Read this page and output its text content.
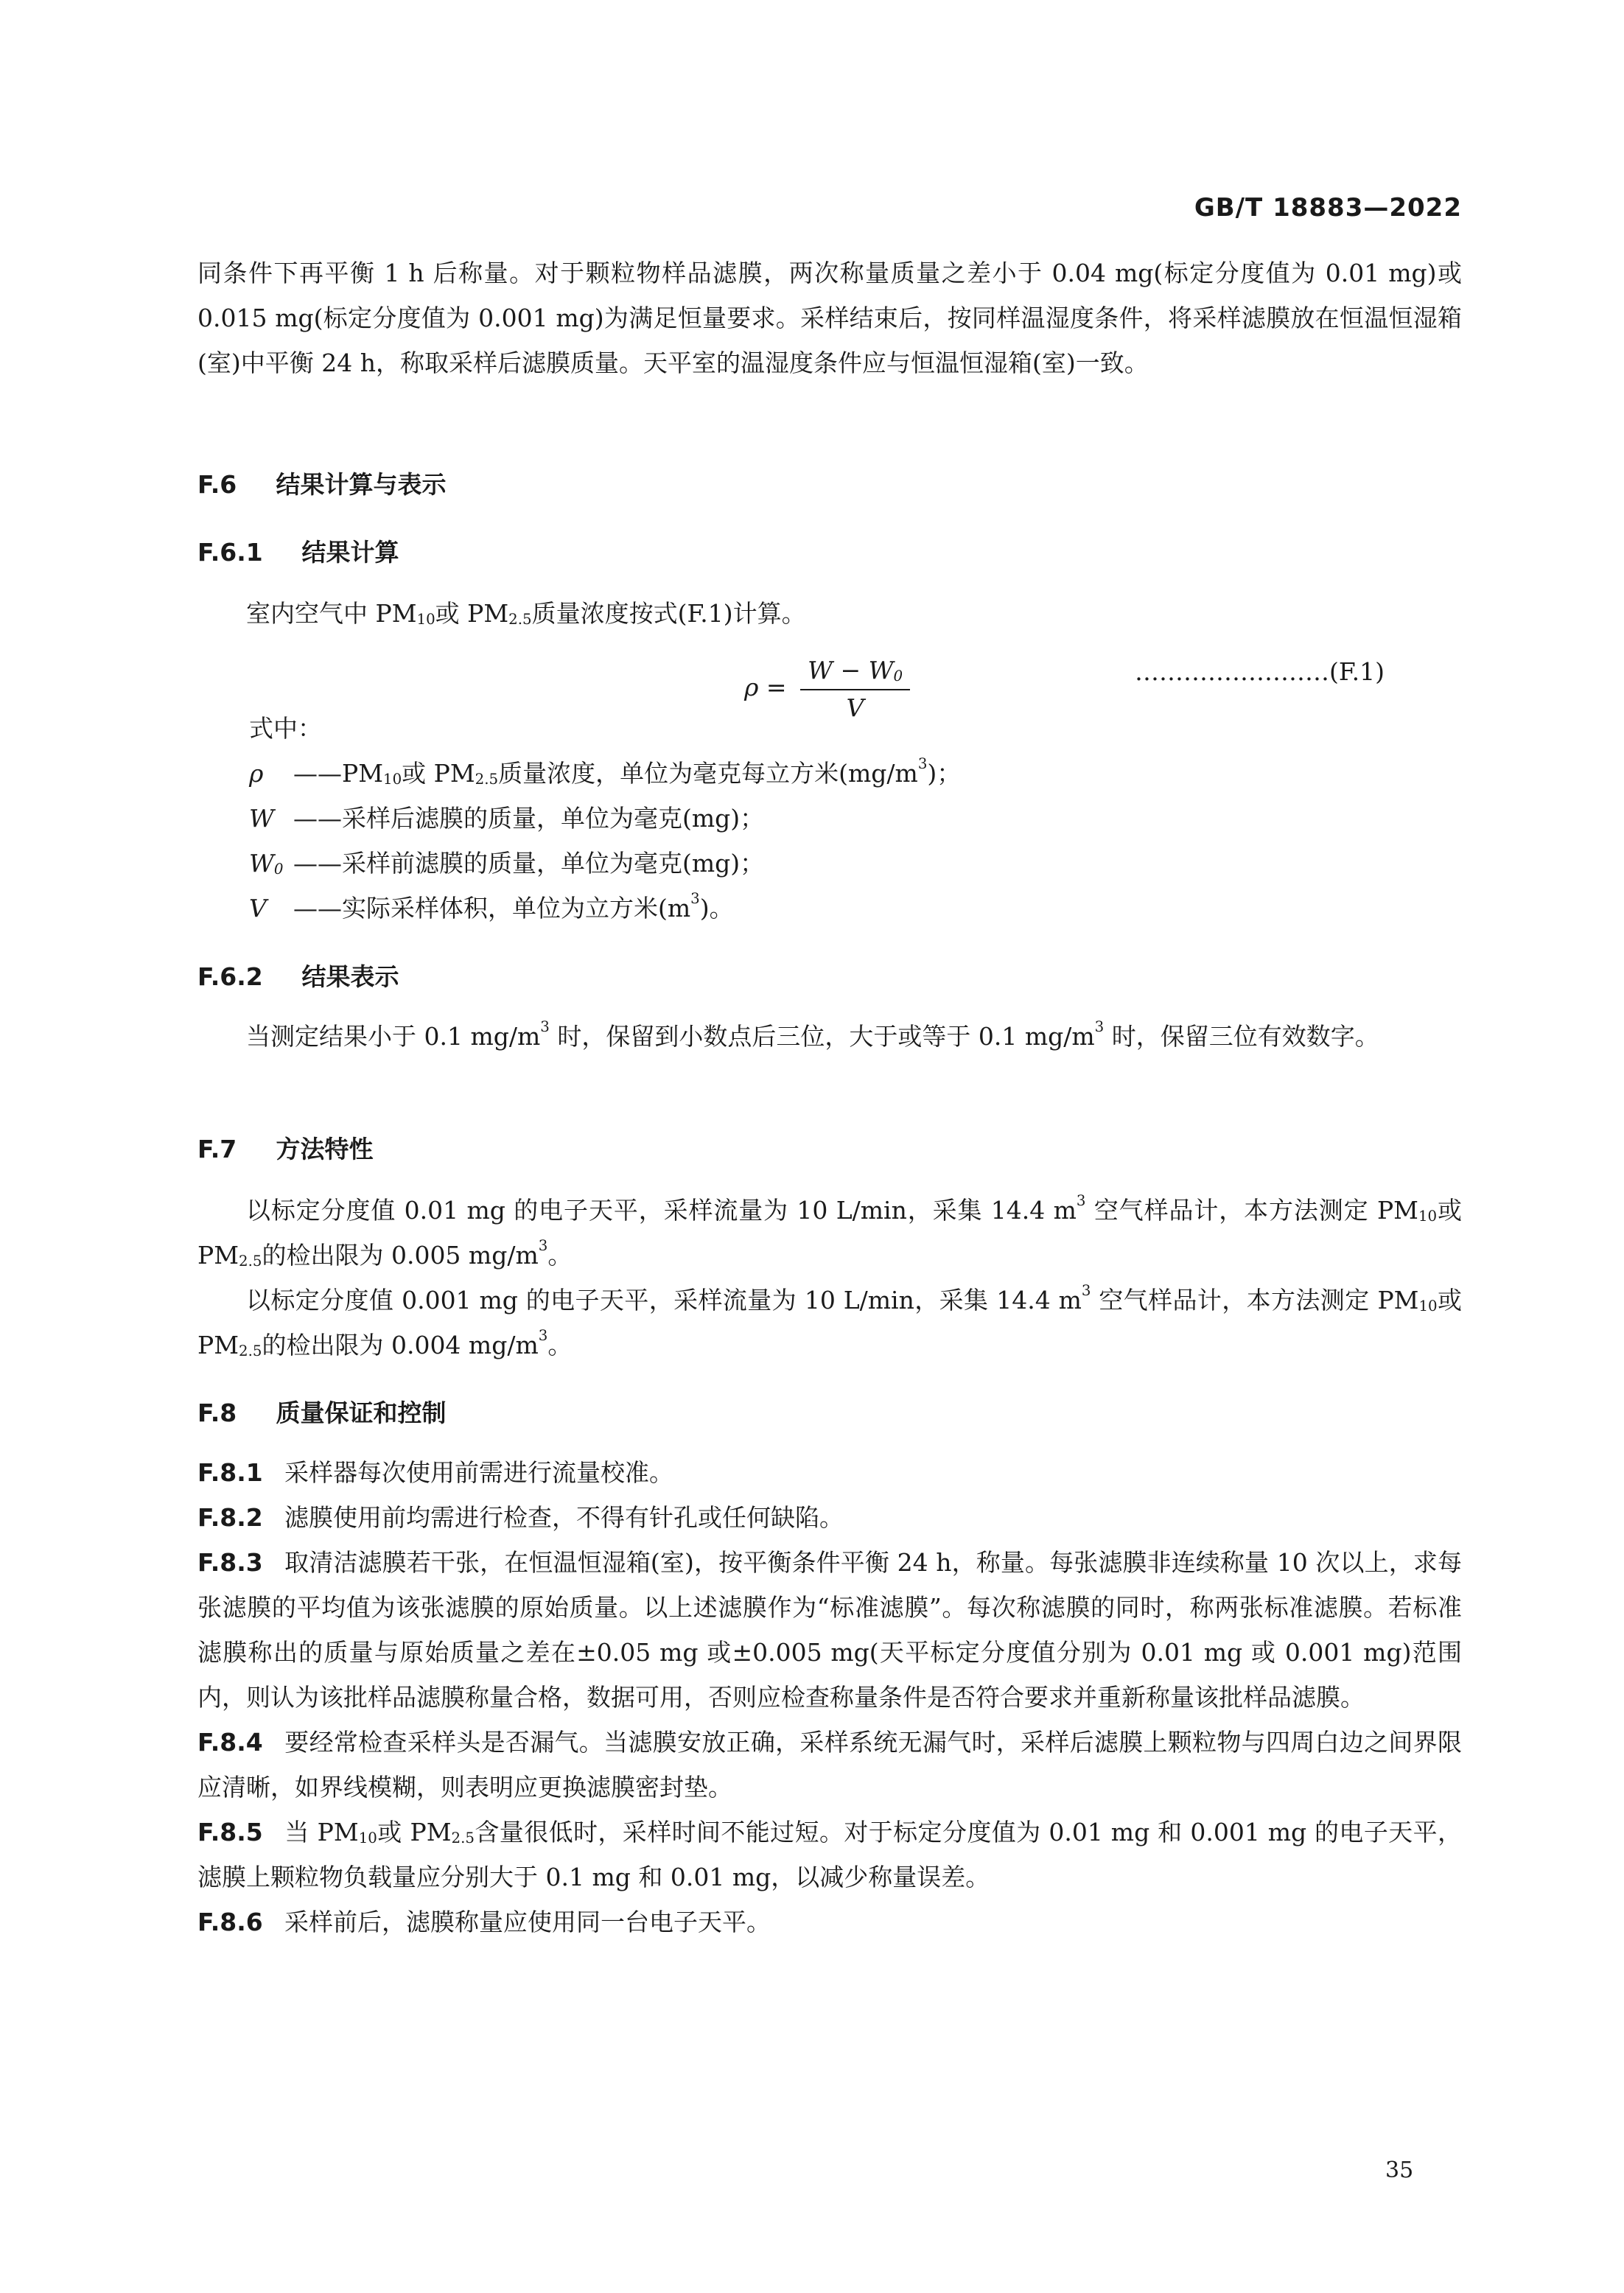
GB/T 18883—2022

同条件下再平衡 1 h 后称量。对于颗粒物样品滤膜，两次称量质量之差小于 0.04 mg(标定分度值为 0.01 mg)或 0.015 mg(标定分度值为 0.001 mg)为满足恒量要求。采样结束后，按同样温湿度条件，将采样滤膜放在恒温恒湿箱(室)中平衡 24 h，称取采样后滤膜质量。天平室的温湿度条件应与恒温恒湿箱(室)一致。

F.6 结果计算与表示
F.6.1 结果计算

室内空气中 $PM_{10}$或 $PM_{2.5}$质量浓度按式(F.1)计算。

$\rho = \frac{W - W_0}{V}$	……………………(F.1)
式中：
ρ $——PM_{10}$或 $PM_{2.5}$质量浓度，单位为毫克每立方米$(mg/m^3)$；
W ——采样后滤膜的质量，单位为毫克(mg)；
$W_0$ ——采样前滤膜的质量，单位为毫克(mg)；
V ——实际采样体积，单位为立方米$(m^3)$。
F.6.2 结果表示

当测定结果小于 0.1 $mg/m^3$ 时，保留到小数点后三位，大于或等于 0.1 $mg/m^3$ 时，保留三位有效数字。

F.7 方法特性

以标定分度值 0.01 mg 的电子天平，采样流量为 10 L/min，采集 14.4 $m^3$ 空气样品计，本方法测定 $PM_{10}$或 $PM_{2.5}$的检出限为 0.005 $mg/m^3$。

以标定分度值 0.001 mg 的电子天平，采样流量为 10 L/min，采集 14.4 $m^3$ 空气样品计，本方法测定 $PM_{10}$或 $PM_{2.5}$的检出限为 0.004 $mg/m^3$。

F.8 质量保证和控制

F.8.1 采样器每次使用前需进行流量校准。

F.8.2 滤膜使用前均需进行检查，不得有针孔或任何缺陷。

F.8.3 取清洁滤膜若干张，在恒温恒湿箱(室)，按平衡条件平衡 24 h，称量。每张滤膜非连续称量 10 次以上，求每张滤膜的平均值为该张滤膜的原始质量。以上述滤膜作为“标准滤膜”。每次称滤膜的同时，称两张标准滤膜。若标准滤膜称出的质量与原始质量之差在±0.05 mg 或±0.005 mg(天平标定分度值分别为 0.01 mg 或 0.001 mg)范围内，则认为该批样品滤膜称量合格，数据可用，否则应检查称量条件是否符合要求并重新称量该批样品滤膜。

F.8.4 要经常检查采样头是否漏气。当滤膜安放正确，采样系统无漏气时，采样后滤膜上颗粒物与四周白边之间界限应清晰，如界线模糊，则表明应更换滤膜密封垫。

F.8.5 当 $PM_{10}$或 $PM_{2.5}$含量很低时，采样时间不能过短。对于标定分度值为 0.01 mg 和 0.001 mg 的电子天平，滤膜上颗粒物负载量应分别大于 0.1 mg 和 0.01 mg，以减少称量误差。

F.8.6 采样前后，滤膜称量应使用同一台电子天平。

35
